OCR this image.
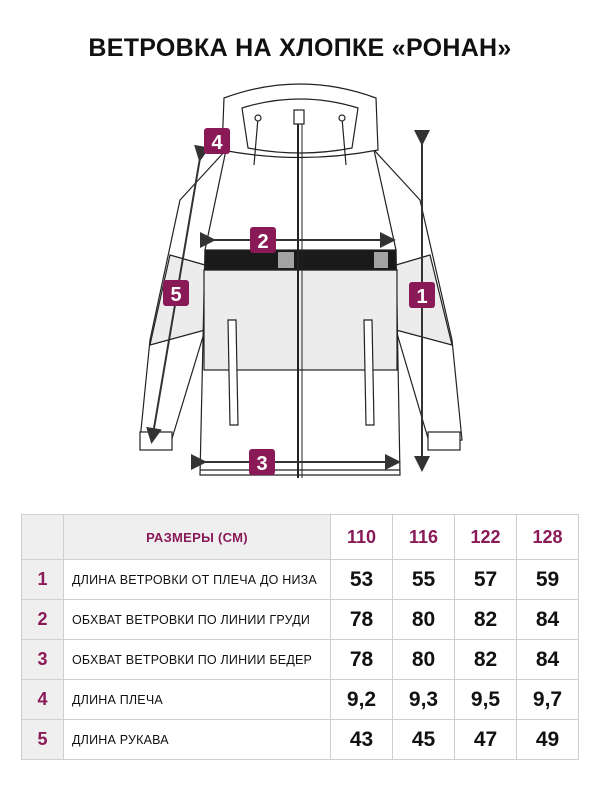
ВЕТРОВКА НА ХЛОПКЕ «РОНАН»
4
2
5	1
3
	РАЗМЕРЫ (СМ)	110	116	122	128
1	ДЛИНА ВЕТРОВКИ ОТ ПЛЕЧА ДО НИЗА	53	55	57	59
2	ОБХВАТ ВЕТРОВКИ ПО ЛИНИИ ГРУДИ	78	80	82	84
3	ОБХВАТ ВЕТРОВКИ ПО ЛИНИИ БЕДЕР	78	80	82	84
4	ДЛИНА ПЛЕЧА	9,2	9,3	9,5	9,7
5	ДЛИНА РУКАВА	43	45	47	49
